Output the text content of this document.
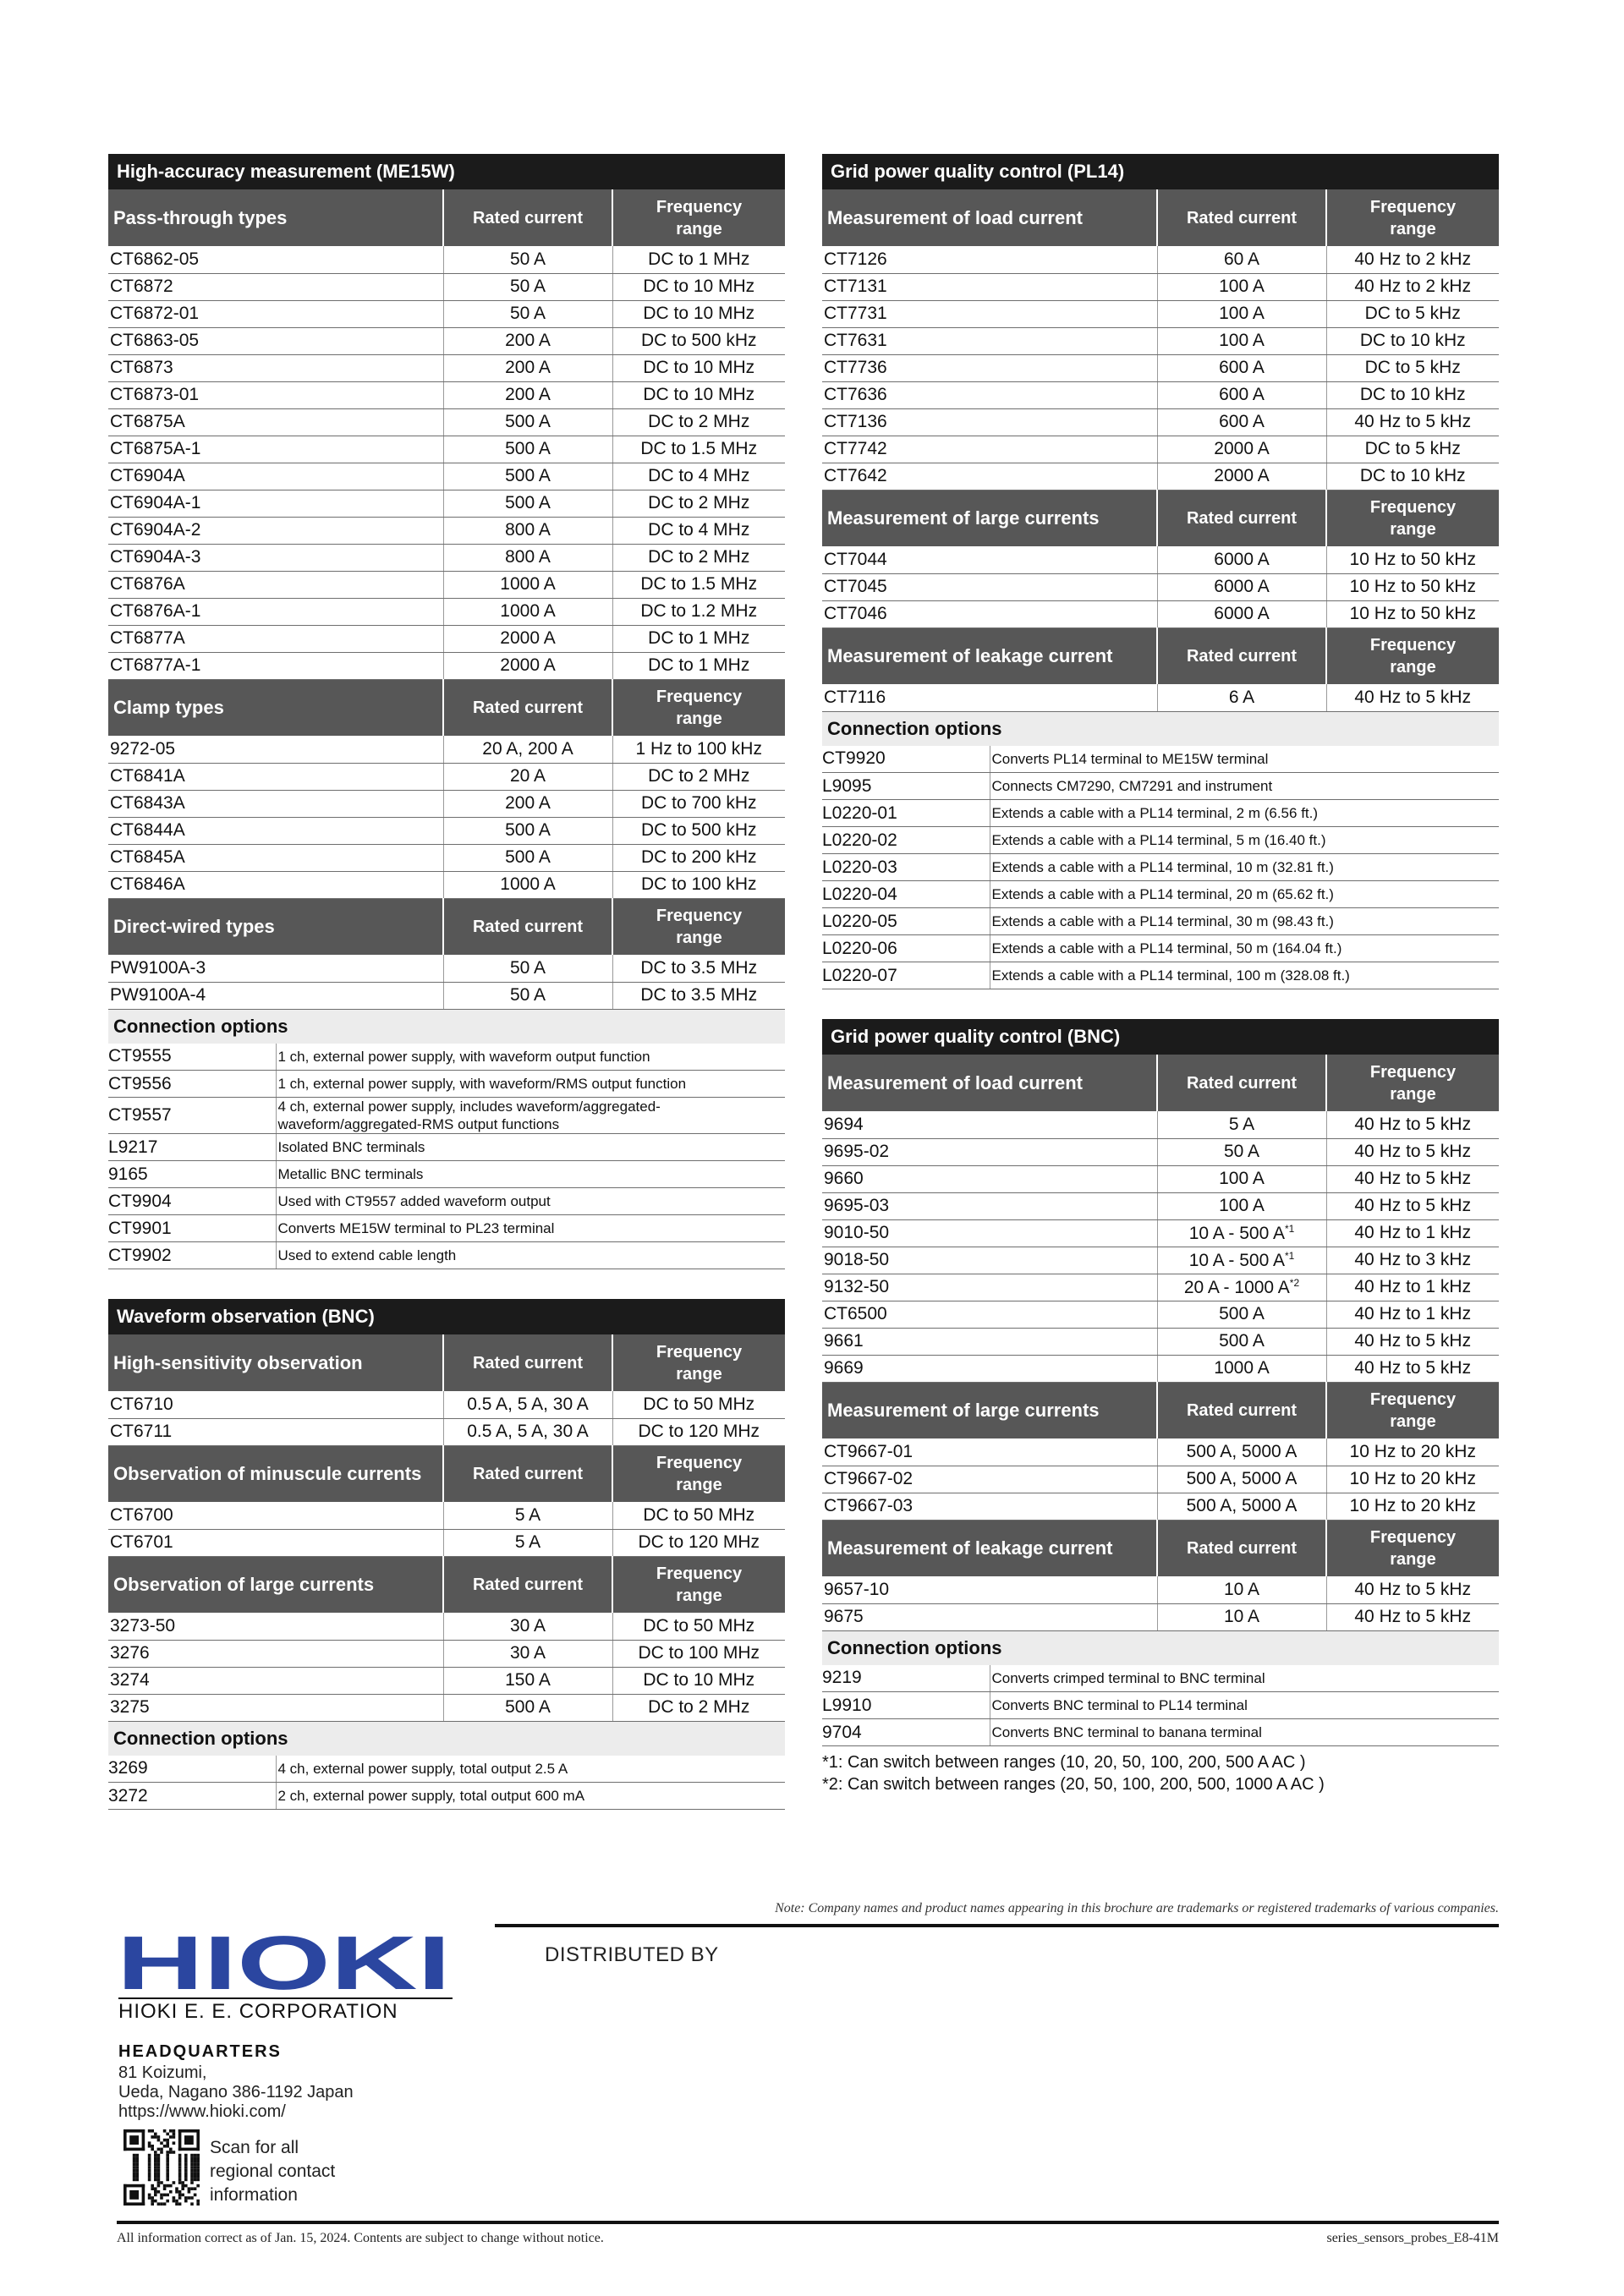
High-accuracy measurement (ME15W)
Pass-through types	Rated current	Frequency
range

CT6862-05	50 A	DC to 1 MHz
CT6872	50 A	DC to 10 MHz
CT6872-01	50 A	DC to 10 MHz
CT6863-05	200 A	DC to 500 kHz
CT6873	200 A	DC to 10 MHz
CT6873-01	200 A	DC to 10 MHz
CT6875A	500 A	DC to 2 MHz
CT6875A-1	500 A	DC to 1.5 MHz
CT6904A	500 A	DC to 4 MHz
CT6904A-1	500 A	DC to 2 MHz
CT6904A-2	800 A	DC to 4 MHz
CT6904A-3	800 A	DC to 2 MHz
CT6876A	1000 A	DC to 1.5 MHz
CT6876A-1	1000 A	DC to 1.2 MHz
CT6877A	2000 A	DC to 1 MHz
CT6877A-1	2000 A	DC to 1 MHz
Clamp types	Rated current	Frequency
range

9272-05	20 A, 200 A	1 Hz to 100 kHz
CT6841A	20 A	DC to 2 MHz
CT6843A	200 A	DC to 700 kHz
CT6844A	500 A	DC to 500 kHz
CT6845A	500 A	DC to 200 kHz
CT6846A	1000 A	DC to 100 kHz
Direct-wired types	Rated current	Frequency
range

PW9100A-3	50 A	DC to 3.5 MHz
PW9100A-4	50 A	DC to 3.5 MHz
Connection options
CT9555	1 ch, external power supply, with waveform output function
CT9556	1 ch, external power supply, with waveform/RMS output function
CT9557	4 ch, external power supply, includes waveform/aggregated-waveform/aggregated-RMS output functions
L9217	Isolated BNC terminals
9165	Metallic BNC terminals
CT9904	Used with CT9557 added waveform output
CT9901	Converts ME15W terminal to PL23 terminal
CT9902	Used to extend cable length
Waveform observation (BNC)
High-sensitivity observation	Rated current	Frequency
range

CT6710	0.5 A, 5 A, 30 A	DC to 50 MHz
CT6711	0.5 A, 5 A, 30 A	DC to 120 MHz
Observation of minuscule currents	Rated current	Frequency
range

CT6700	5 A	DC to 50 MHz
CT6701	5 A	DC to 120 MHz
Observation of large currents	Rated current	Frequency
range

3273-50	30 A	DC to 50 MHz
3276	30 A	DC to 100 MHz
3274	150 A	DC to 10 MHz
3275	500 A	DC to 2 MHz
Connection options
3269	4 ch, external power supply, total output 2.5 A
3272	2 ch, external power supply, total output 600 mA
Grid power quality control (PL14)
Measurement of load current	Rated current	Frequency
range

CT7126	60 A	40 Hz to 2 kHz
CT7131	100 A	40 Hz to 2 kHz
CT7731	100 A	DC to 5 kHz
CT7631	100 A	DC to 10 kHz
CT7736	600 A	DC to 5 kHz
CT7636	600 A	DC to 10 kHz
CT7136	600 A	40 Hz to 5 kHz
CT7742	2000 A	DC to 5 kHz
CT7642	2000 A	DC to 10 kHz
Measurement of large currents	Rated current	Frequency
range

CT7044	6000 A	10 Hz to 50 kHz
CT7045	6000 A	10 Hz to 50 kHz
CT7046	6000 A	10 Hz to 50 kHz
Measurement of leakage current	Rated current	Frequency
range

CT7116	6 A	40 Hz to 5 kHz
Connection options
CT9920	Converts PL14 terminal to ME15W terminal
L9095	Connects CM7290, CM7291 and instrument
L0220-01	Extends a cable with a PL14 terminal, 2 m (6.56 ft.)
L0220-02	Extends a cable with a PL14 terminal, 5 m (16.40 ft.)
L0220-03	Extends a cable with a PL14 terminal, 10 m (32.81 ft.)
L0220-04	Extends a cable with a PL14 terminal, 20 m (65.62 ft.)
L0220-05	Extends a cable with a PL14 terminal, 30 m (98.43 ft.)
L0220-06	Extends a cable with a PL14 terminal, 50 m (164.04 ft.)
L0220-07	Extends a cable with a PL14 terminal, 100 m (328.08 ft.)
Grid power quality control (BNC)
Measurement of load current	Rated current	Frequency
range

9694	5 A	40 Hz to 5 kHz
9695-02	50 A	40 Hz to 5 kHz
9660	100 A	40 Hz to 5 kHz
9695-03	100 A	40 Hz to 5 kHz
9010-50	10 A - 500 $A^{*1}$	40 Hz to 1 kHz
9018-50	10 A - 500 $A^{*1}$	40 Hz to 3 kHz
9132-50	20 A - 1000 $A^{*2}$	40 Hz to 1 kHz
CT6500	500 A	40 Hz to 1 kHz
9661	500 A	40 Hz to 5 kHz
9669	1000 A	40 Hz to 5 kHz
Measurement of large currents	Rated current	Frequency
range

CT9667-01	500 A, 5000 A	10 Hz to 20 kHz
CT9667-02	500 A, 5000 A	10 Hz to 20 kHz
CT9667-03	500 A, 5000 A	10 Hz to 20 kHz
Measurement of leakage current	Rated current	Frequency
range

9657-10	10 A	40 Hz to 5 kHz
9675	10 A	40 Hz to 5 kHz
Connection options
9219	Converts crimped terminal to BNC terminal
L9910	Converts BNC terminal to PL14 terminal
9704	Converts BNC terminal to banana terminal
*1: Can switch between ranges (10, 20, 50, 100, 200, 500 A AC )
*2: Can switch between ranges (20, 50, 100, 200, 500, 1000 A AC )
Note: Company names and product names appearing in this brochure are trademarks or registered trademarks of various companies.
DISTRIBUTED BY
HIOKI
HIOKI E. E. CORPORATION
HEADQUARTERS
81 Koizumi,
Ueda, Nagano 386-1192 Japan
https://www.hioki.com/
Scan for all
regional contact
information
All information correct as of Jan. 15, 2024. Contents are subject to change without notice.	series_sensors_probes_E8-41M
